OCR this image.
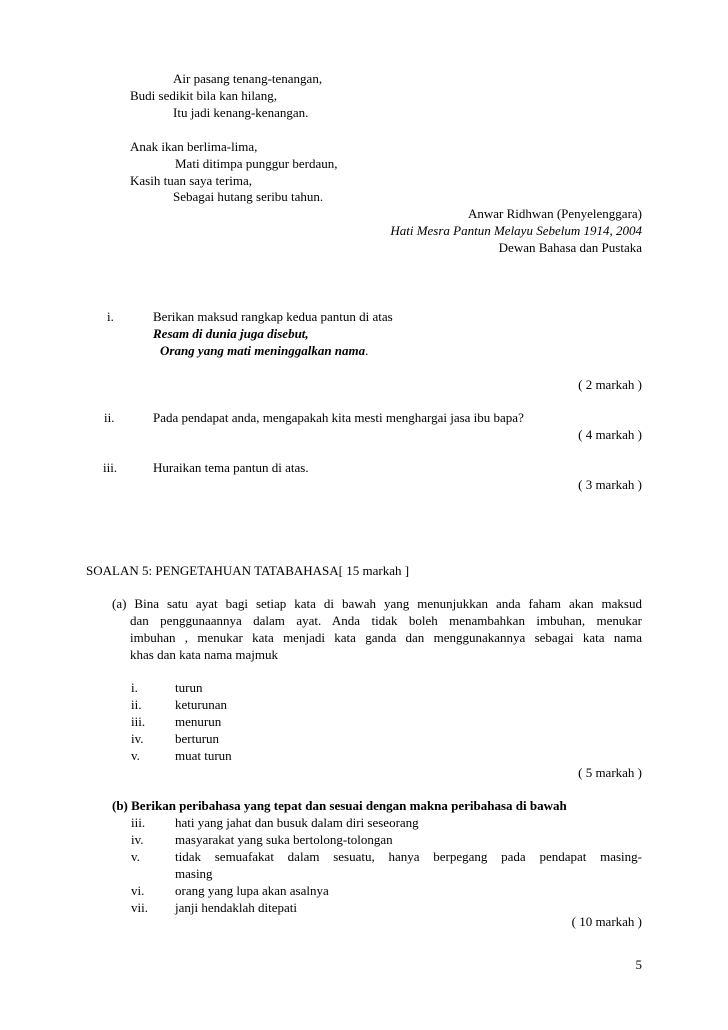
Air pasang tenang-tenangan,
Budi sedikit bila kan hilang,
Itu jadi kenang-kenangan.
Anak ikan berlima-lima,
Mati ditimpa punggur berdaun,
Kasih tuan saya terima,
Sebagai hutang seribu tahun.
Anwar Ridhwan (Penyelenggara)
Hati Mesra Pantun Melayu Sebelum 1914, 2004
Dewan Bahasa dan Pustaka
i.	Berikan maksud rangkap kedua pantun di atas
Resam di dunia juga disebut,
Orang yang mati meninggalkan nama.
( 2 markah )
ii.	Pada pendapat anda, mengapakah kita mesti menghargai jasa ibu bapa?
( 4 markah )
iii.	Huraikan tema pantun di atas.
( 3 markah )
SOALAN 5: PENGETAHUAN TATABAHASA[ 15 markah ]
(a) Bina satu ayat bagi setiap kata di bawah yang menunjukkan anda faham akan maksud
dan penggunaannya dalam ayat. Anda tidak boleh menambahkan imbuhan, menukar
imbuhan , menukar kata menjadi kata ganda dan menggunakannya sebagai kata nama
khas dan kata nama majmuk
i.	turun
ii.	keturunan
iii. menurun
iv. berturun
v.	muat turun
( 5 markah )
(b) Berikan peribahasa yang tepat dan sesuai dengan makna peribahasa di bawah
iii. hati yang jahat dan busuk dalam diri seseorang
iv. masyarakat yang suka bertolong-tolongan
v.	tidak semuafakat dalam sesuatu, hanya berpegang pada pendapat masing-
masing
vi. orang yang lupa akan asalnya
vii. janji hendaklah ditepati
( 10 markah )
5
